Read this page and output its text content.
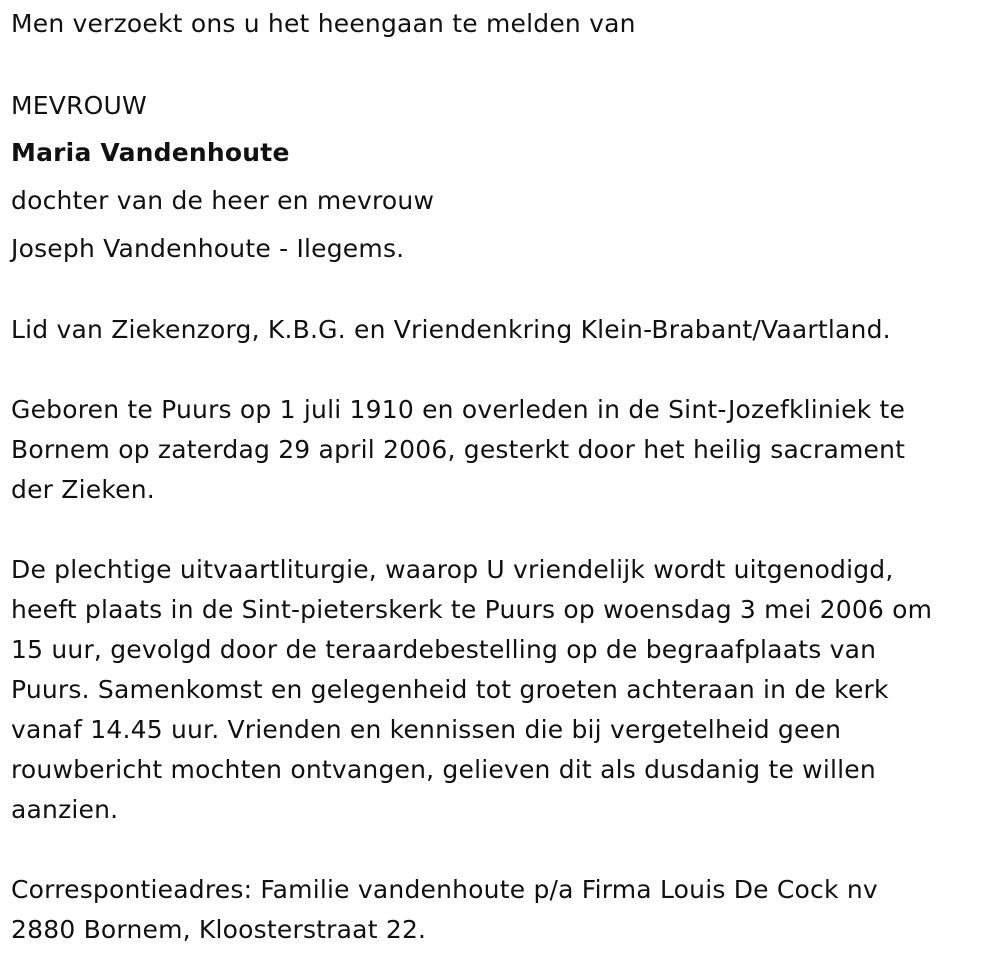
Men verzoekt ons u het heengaan te melden van
MEVROUW
Maria Vandenhoute
dochter van de heer en mevrouw
Joseph Vandenhoute - Ilegems.
Lid van Ziekenzorg, K.B.G. en Vriendenkring Klein-Brabant/Vaartland.
Geboren te Puurs op 1 juli 1910 en overleden in de Sint-Jozefkliniek te
Bornem op zaterdag 29 april 2006, gesterkt door het heilig sacrament
der Zieken.
De plechtige uitvaartliturgie, waarop U vriendelijk wordt uitgenodigd,
heeft plaats in de Sint-pieterskerk te Puurs op woensdag 3 mei 2006 om
15 uur, gevolgd door de teraardebestelling op de begraafplaats van
Puurs. Samenkomst en gelegenheid tot groeten achteraan in de kerk
vanaf 14.45 uur. Vrienden en kennissen die bij vergetelheid geen
rouwbericht mochten ontvangen, gelieven dit als dusdanig te willen
aanzien.
Correspontieadres: Familie vandenhoute p/a Firma Louis De Cock nv
2880 Bornem, Kloosterstraat 22.
